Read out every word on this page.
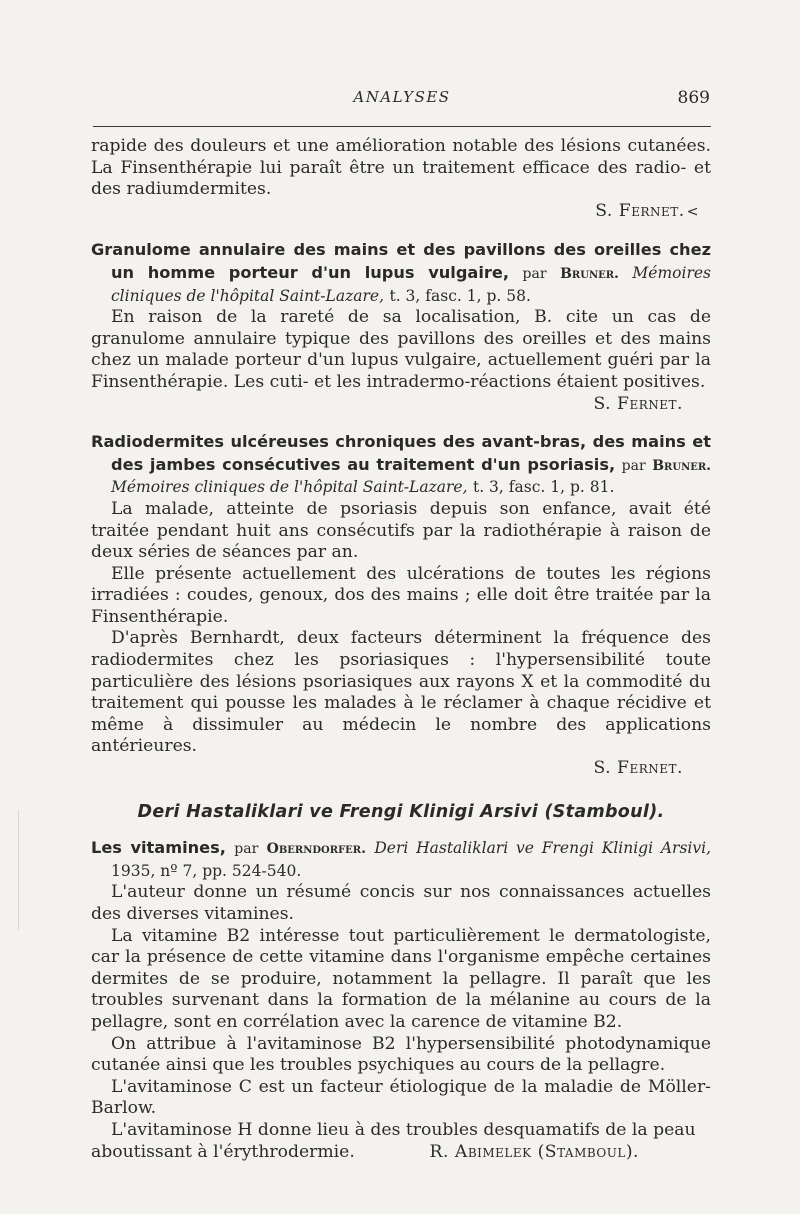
ANALYSES	869

rapide des douleurs et une amélioration notable des lésions cutanées. La Finsenthérapie lui paraît être un traitement efficace des radio- et des radiumdermites.

S. Fernet. <

Granulome annulaire des mains et des pavillons des oreilles chez un homme porteur d'un lupus vulgaire, par Bruner. Mémoires cliniques de l'hôpital Saint-Lazare, t. 3, fasc. 1, p. 58.

En raison de la rareté de sa localisation, B. cite un cas de granulome annulaire typique des pavillons des oreilles et des mains chez un malade porteur d'un lupus vulgaire, actuellement guéri par la Finsenthérapie. Les cuti- et les intradermo-réactions étaient positives.

S. Fernet.

Radiodermites ulcéreuses chroniques des avant-bras, des mains et des jambes consécutives au traitement d'un psoriasis, par Bruner. Mémoires cliniques de l'hôpital Saint-Lazare, t. 3, fasc. 1, p. 81.

La malade, atteinte de psoriasis depuis son enfance, avait été traitée pendant huit ans consécutifs par la radiothérapie à raison de deux séries de séances par an.

Elle présente actuellement des ulcérations de toutes les régions irradiées : coudes, genoux, dos des mains ; elle doit être traitée par la Finsenthérapie.

D'après Bernhardt, deux facteurs déterminent la fréquence des radiodermites chez les psoriasiques : l'hypersensibilité toute particulière des lésions psoriasiques aux rayons X et la commodité du traitement qui pousse les malades à le réclamer à chaque récidive et même à dissimuler au médecin le nombre des applications antérieures.

S. Fernet.

Deri Hastaliklari ve Frengi Klinigi Arsivi (Stamboul).

Les vitamines, par Oberndorfer. Deri Hastaliklari ve Frengi Klinigi Arsivi, 1935, nº 7, pp. 524-540.

L'auteur donne un résumé concis sur nos connaissances actuelles des diverses vitamines.

La vitamine B2 intéresse tout particulièrement le dermatologiste, car la présence de cette vitamine dans l'organisme empêche certaines dermites de se produire, notamment la pellagre. Il paraît que les troubles survenant dans la formation de la mélanine au cours de la pellagre, sont en corrélation avec la carence de vitamine B2.

On attribue à l'avitaminose B2 l'hypersensibilité photodynamique cutanée ainsi que les troubles psychiques au cours de la pellagre.

L'avitaminose C est un facteur étiologique de la maladie de Möller-Barlow.

L'avitaminose H donne lieu à des troubles desquamatifs de la peau

aboutissant à l'érythrodermie.	R. Abimelek (Stamboul).
